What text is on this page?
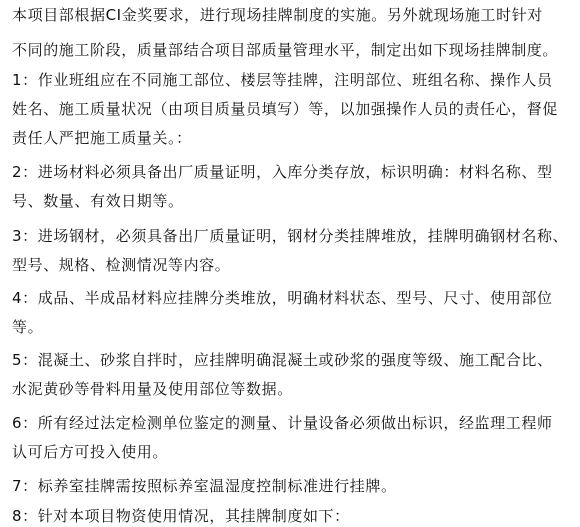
本项目部根据CI金奖要求，进行现场挂牌制度的实施。另外就现场施工时针对
不同的施工阶段，质量部结合项目部质量管理水平，制定出如下现场挂牌制度。
1：作业班组应在不同施工部位、楼层等挂牌，注明部位、班组名称、操作人员
姓名、施工质量状况（由项目质量员填写）等，以加强操作人员的责任心，督促
责任人严把施工质量关。：
2：进场材料必须具备出厂质量证明，入库分类存放，标识明确：材料名称、型
号、数量、有效日期等。
3：进场钢材，必须具备出厂质量证明，钢材分类挂牌堆放，挂牌明确钢材名称、
型号、规格、检测情况等内容。
4：成品、半成品材料应挂牌分类堆放，明确材料状态、型号、尺寸、使用部位
等。
5：混凝土、砂浆自拌时，应挂牌明确混凝土或砂浆的强度等级、施工配合比、
水泥黄砂等骨料用量及使用部位等数据。
6：所有经过法定检测单位鉴定的测量、计量设备必须做出标识，经监理工程师
认可后方可投入使用。
7：标养室挂牌需按照标养室温湿度控制标准进行挂牌。
8：针对本项目物资使用情况，其挂牌制度如下：
